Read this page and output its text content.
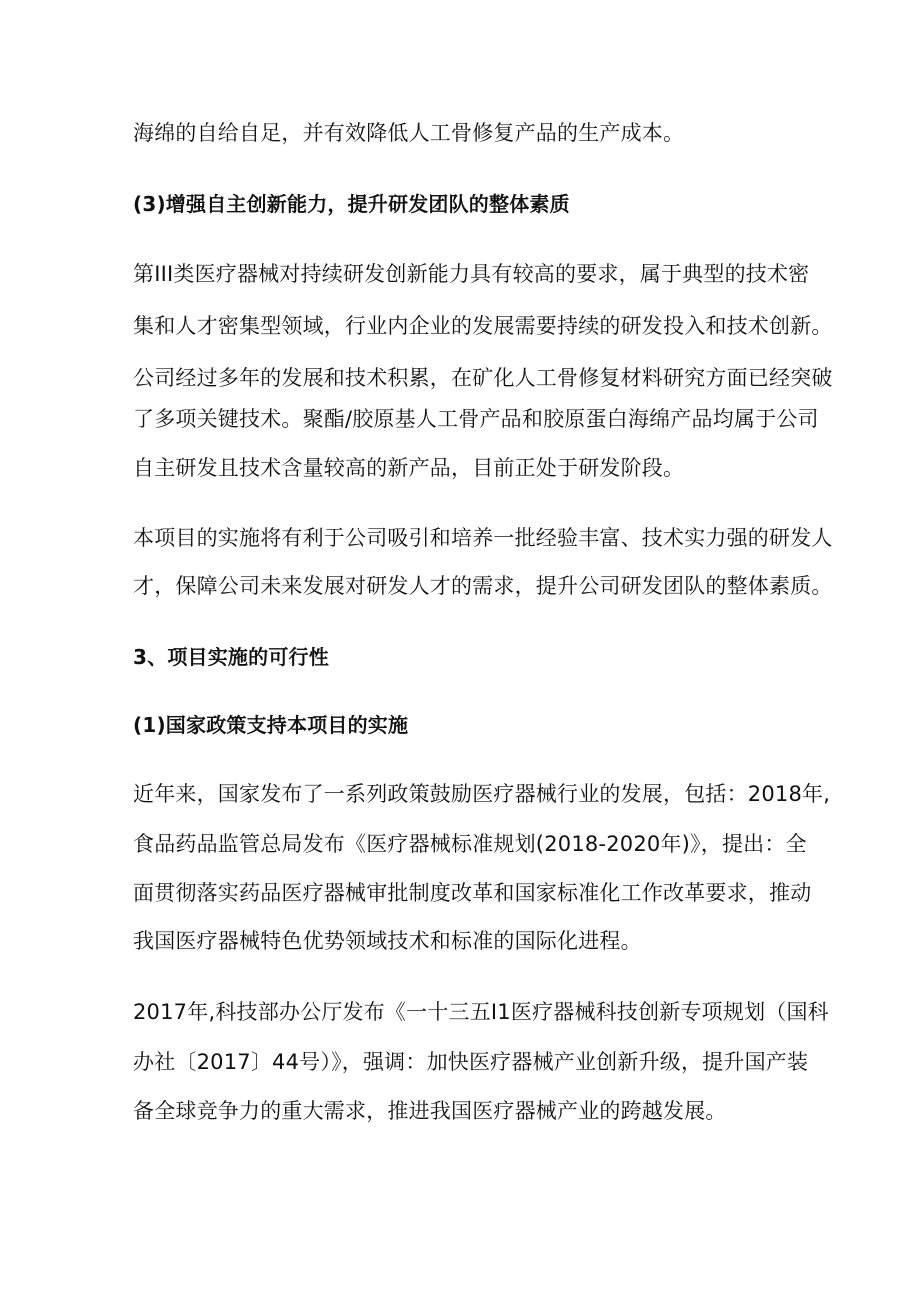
海绵的自给自足，并有效降低人工骨修复产品的生产成本。
(3)增强自主创新能力，提升研发团队的整体素质
第III类医疗器械对持续研发创新能力具有较高的要求，属于典型的技术密
集和人才密集型领域，行业内企业的发展需要持续的研发投入和技术创新。
公司经过多年的发展和技术积累，在矿化人工骨修复材料研究方面已经突破
了多项关键技术。聚酯/胶原基人工骨产品和胶原蛋白海绵产品均属于公司
自主研发且技术含量较高的新产品，目前正处于研发阶段。
本项目的实施将有利于公司吸引和培养一批经验丰富、技术实力强的研发人
才，保障公司未来发展对研发人才的需求，提升公司研发团队的整体素质。
3、项目实施的可行性
(1)国家政策支持本项目的实施
近年来，国家发布了一系列政策鼓励医疗器械行业的发展，包括：2018年,
食品药品监管总局发布《医疗器械标准规划(2018-2020年)》，提出：全
面贯彻落实药品医疗器械审批制度改革和国家标准化工作改革要求，推动
我国医疗器械特色优势领域技术和标准的国际化进程。
2017年,科技部办公厅发布《一十三五I1医疗器械科技创新专项规划（国科
办社〔2017〕44号）》，强调：加快医疗器械产业创新升级，提升国产装
备全球竞争力的重大需求，推进我国医疗器械产业的跨越发展。
